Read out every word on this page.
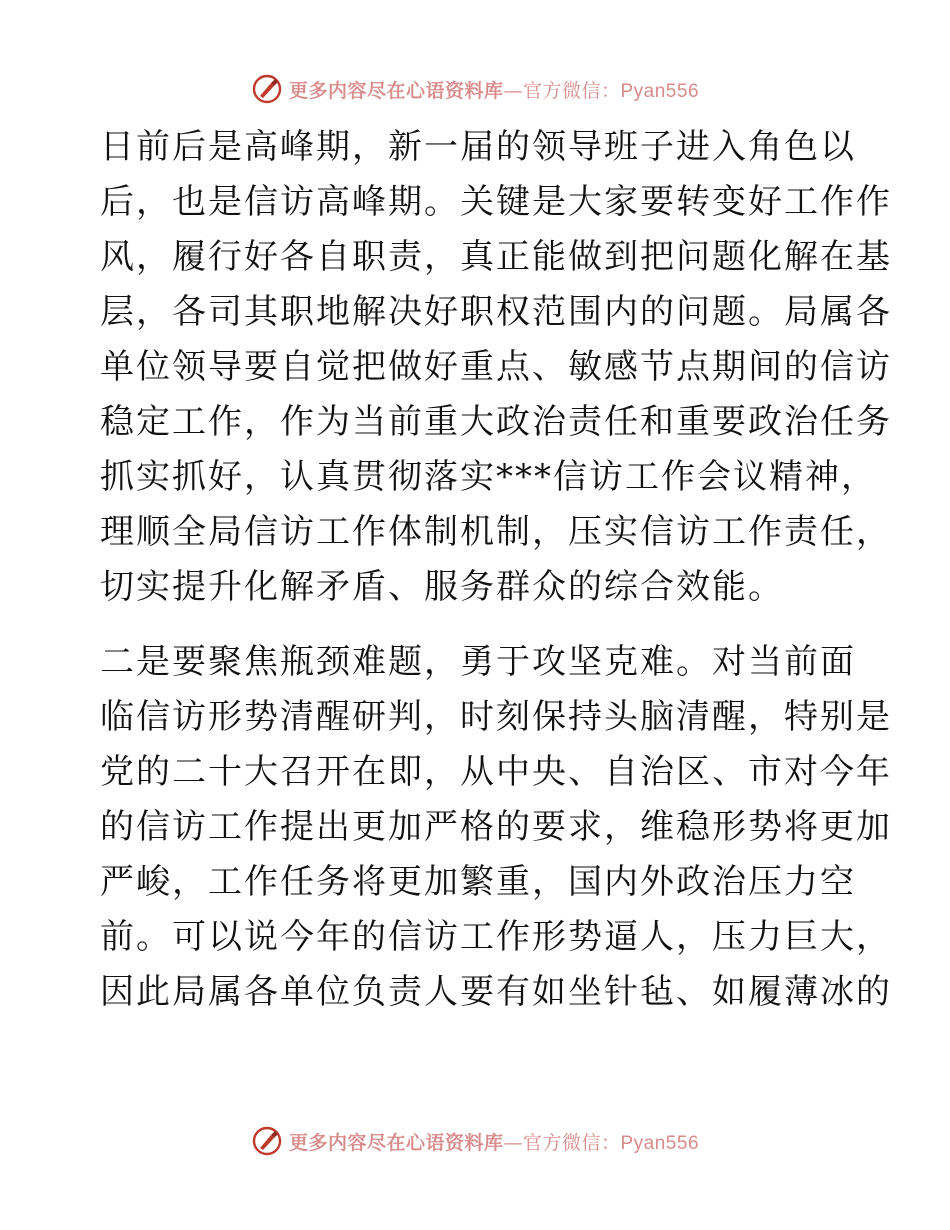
更多内容尽在心语资料库—官方微信：Pyan556
日前后是高峰期，新一届的领导班子进入角色以
后，也是信访高峰期。关键是大家要转变好工作作
风，履行好各自职责，真正能做到把问题化解在基
层，各司其职地解决好职权范围内的问题。局属各
单位领导要自觉把做好重点、敏感节点期间的信访
稳定工作，作为当前重大政治责任和重要政治任务
抓实抓好，认真贯彻落实***信访工作会议精神，
理顺全局信访工作体制机制，压实信访工作责任，
切实提升化解矛盾、服务群众的综合效能。
二是要聚焦瓶颈难题，勇于攻坚克难。对当前面
临信访形势清醒研判，时刻保持头脑清醒，特别是
党的二十大召开在即，从中央、自治区、市对今年
的信访工作提出更加严格的要求，维稳形势将更加
严峻，工作任务将更加繁重，国内外政治压力空
前。可以说今年的信访工作形势逼人，压力巨大，
因此局属各单位负责人要有如坐针毡、如履薄冰的
更多内容尽在心语资料库—官方微信：Pyan556
